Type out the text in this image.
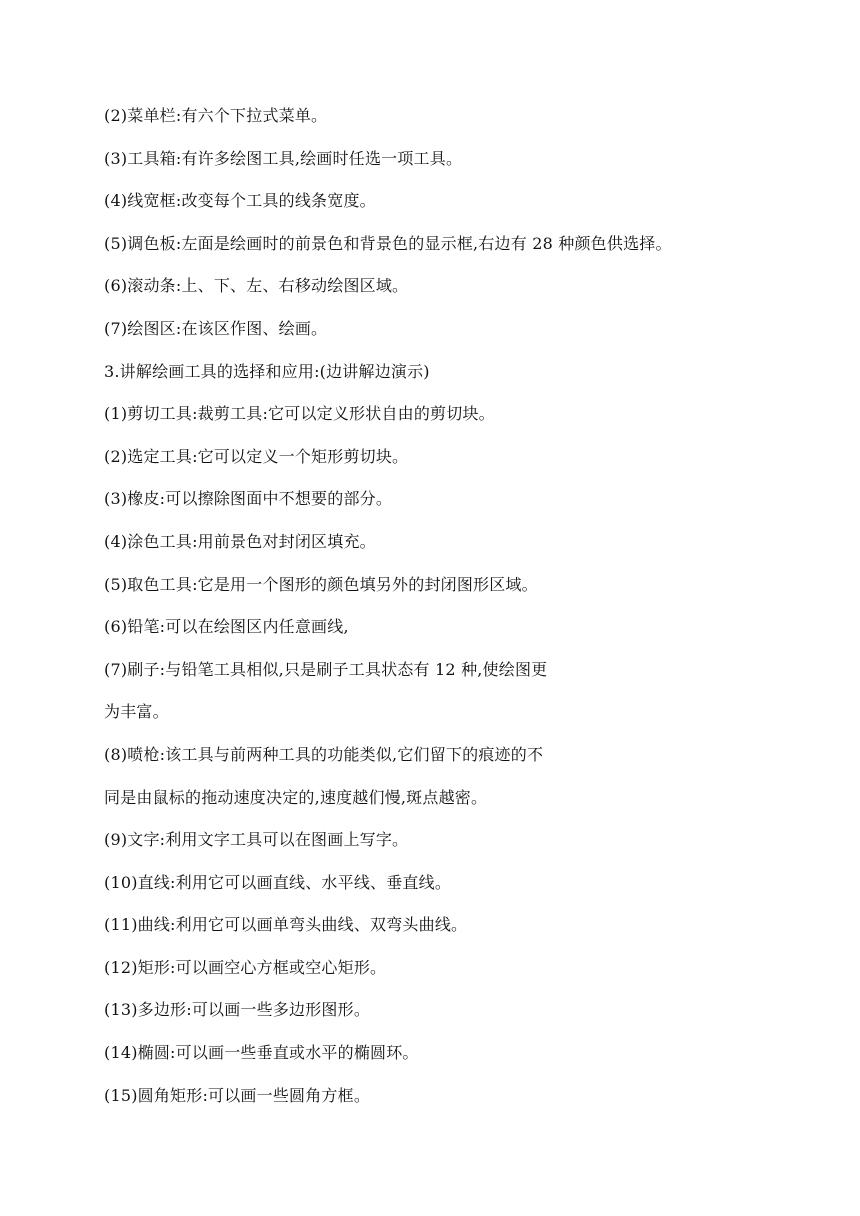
(2)菜单栏:有六个下拉式菜单。
(3)工具箱:有许多绘图工具,绘画时任选一项工具。
(4)线宽框:改变每个工具的线条宽度。
(5)调色板:左面是绘画时的前景色和背景色的显示框,右边有 28 种颜色供选择。
(6)滚动条:上、下、左、右移动绘图区域。
(7)绘图区:在该区作图、绘画。
3.讲解绘画工具的选择和应用:(边讲解边演示)
(1)剪切工具:裁剪工具:它可以定义形状自由的剪切块。
(2)选定工具:它可以定义一个矩形剪切块。
(3)橡皮:可以擦除图面中不想要的部分。
(4)涂色工具:用前景色对封闭区填充。
(5)取色工具:它是用一个图形的颜色填另外的封闭图形区域。
(6)铅笔:可以在绘图区内任意画线,
(7)刷子:与铅笔工具相似,只是刷子工具状态有 12 种,使绘图更
为丰富。
(8)喷枪:该工具与前两种工具的功能类似,它们留下的痕迹的不
同是由鼠标的拖动速度决定的,速度越们慢,斑点越密。
(9)文字:利用文字工具可以在图画上写字。
(10)直线:利用它可以画直线、水平线、垂直线。
(11)曲线:利用它可以画单弯头曲线、双弯头曲线。
(12)矩形:可以画空心方框或空心矩形。
(13)多边形:可以画一些多边形图形。
(14)椭圆:可以画一些垂直或水平的椭圆环。
(15)圆角矩形:可以画一些圆角方框。
